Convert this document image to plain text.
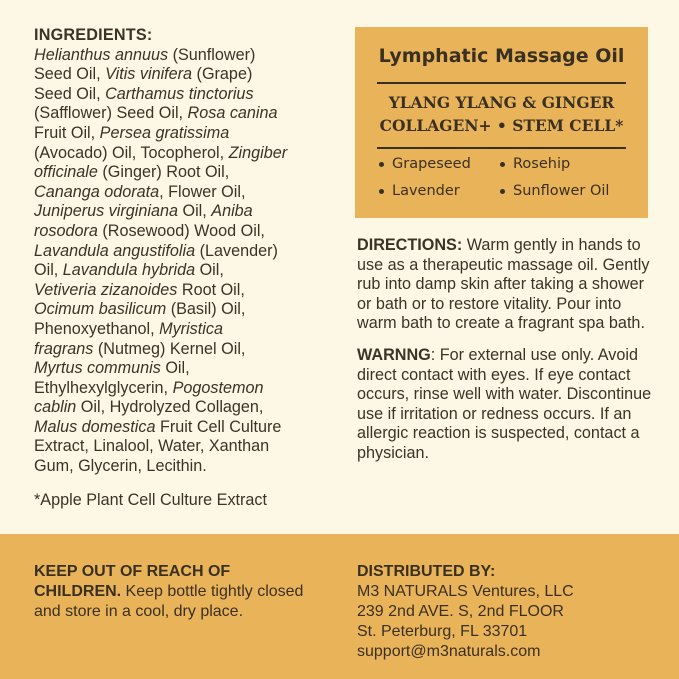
INGREDIENTS:
Helianthus annuus (Sunflower)
Seed Oil, Vitis vinifera (Grape)
Seed Oil, Carthamus tinctorius
(Safflower) Seed Oil, Rosa canina
Fruit Oil, Persea gratissima
(Avocado) Oil, Tocopherol, Zingiber
officinale (Ginger) Root Oil,
Cananga odorata, Flower Oil,
Juniperus virginiana Oil, Aniba
rosodora (Rosewood) Wood Oil,
Lavandula angustifolia (Lavender)
Oil, Lavandula hybrida Oil,
Vetiveria zizanoides Root Oil,
Ocimum basilicum (Basil) Oil,
Phenoxyethanol, Myristica
fragrans (Nutmeg) Kernel Oil,
Myrtus communis Oil,
Ethylhexylglycerin, Pogostemon
cablin Oil, Hydrolyzed Collagen,
Malus domestica Fruit Cell Culture
Extract, Linalool, Water, Xanthan
Gum, Glycerin, Lecithin.
*Apple Plant Cell Culture Extract
Lymphatic Massage Oil
YLANG YLANG & GINGER
COLLAGEN+ • STEM CELL*
Grapeseed	Rosehip
Lavender	Sunflower Oil

DIRECTIONS: Warm gently in hands to use as a therapeutic massage oil. Gently rub into damp skin after taking a shower or bath or to restore vitality. Pour into warm bath to create a fragrant spa bath.

WARNNG: For external use only. Avoid direct contact with eyes. If eye contact occurs, rinse well with water. Discontinue use if irritation or redness occurs. If an allergic reaction is suspected, contact a physician.

KEEP OUT OF REACH OF CHILDREN. Keep bottle tightly closed and store in a cool, dry place.
DISTRIBUTED BY:
M3 NATURALS Ventures, LLC
239 2nd AVE. S, 2nd FLOOR
St. Peterburg, FL 33701
support@m3naturals.com
